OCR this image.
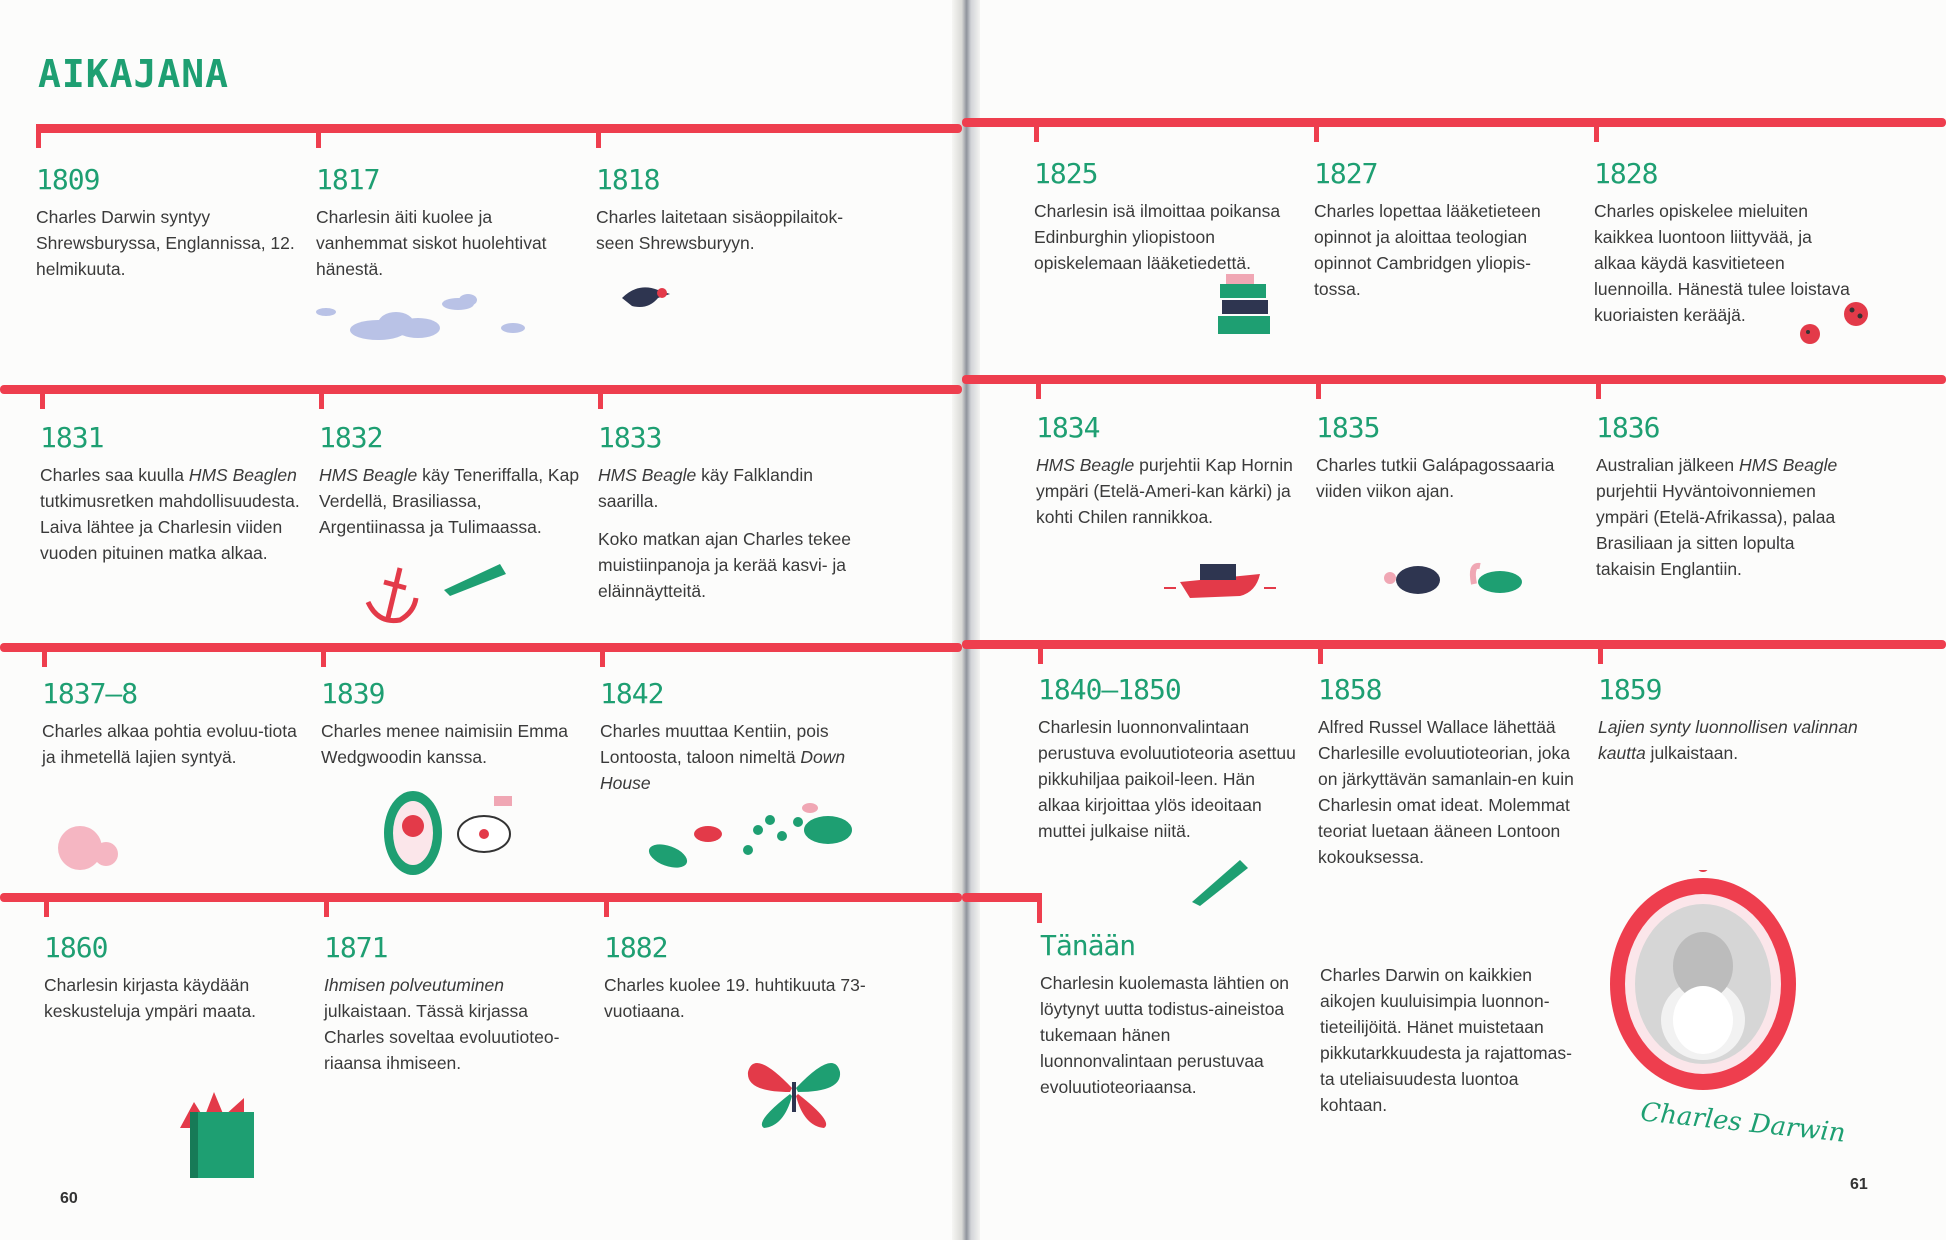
AIKAJANA
1809
Charles Darwin syntyy Shrewsburyssa, Englannissa, 12. helmikuuta.
1817
Charlesin äiti kuolee ja vanhemmat siskot huolehtivat hänestä.
1818
Charles laitetaan sisäoppilaitok-seen Shrewsburyyn.
1825
Charlesin isä ilmoittaa poikansa Edinburghin yliopistoon opiskelemaan lääketiedettä.
1827
Charles lopettaa lääketieteen opinnot ja aloittaa teologian opinnot Cambridgen yliopis-tossa.
1828
Charles opiskelee mieluiten kaikkea luontoon liittyvää, ja alkaa käydä kasvitieteen luennoilla. Hänestä tulee loistava kuoriaisten kerääjä.
1831
Charles saa kuulla HMS Beaglen tutkimusretken mahdollisuudesta. Laiva lähtee ja Charlesin viiden vuoden pituinen matka alkaa.
1832
HMS Beagle käy Teneriffalla, Kap Verdellä, Brasiliassa, Argentiinassa ja Tulimaassa.
1833
HMS Beagle käy Falklandin saarilla.
Koko matkan ajan Charles tekee muistiinpanoja ja kerää kasvi- ja eläinnäytteitä.
1834
HMS Beagle purjehtii Kap Hornin ympäri (Etelä-Ameri-kan kärki) ja kohti Chilen rannikkoa.
1835
Charles tutkii Galápagossaaria viiden viikon ajan.
1836
Australian jälkeen HMS Beagle purjehtii Hyväntoivonniemen ympäri (Etelä-Afrikassa), palaa Brasiliaan ja sitten lopulta takaisin Englantiin.
1837–8
Charles alkaa pohtia evoluu-tiota ja ihmetellä lajien syntyä.
1839
Charles menee naimisiin Emma Wedgwoodin kanssa.
1842
Charles muuttaa Kentiin, pois Lontoosta, taloon nimeltä Down House
1840–1850
Charlesin luonnonvalintaan perustuva evoluutioteoria asettuu pikkuhiljaa paikoil-leen. Hän alkaa kirjoittaa ylös ideoitaan muttei julkaise niitä.
1858
Alfred Russel Wallace lähettää Charlesille evoluutioteorian, joka on järkyttävän samanlain-en kuin Charlesin omat ideat. Molemmat teoriat luetaan ääneen Lontoon kokouksessa.
1859
Lajien synty luonnollisen valinnan kautta julkaistaan.
1860
Charlesin kirjasta käydään keskusteluja ympäri maata.
1871
Ihmisen polveutuminen julkaistaan. Tässä kirjassa Charles soveltaa evoluutioteo-riaansa ihmiseen.
1882
Charles kuolee 19. huhtikuuta 73-vuotiaana.
Tänään
Charlesin kuolemasta lähtien on löytynyt uutta todistus-aineistoa tukemaan hänen luonnonvalintaan perustuvaa evoluutioteoriaansa.
Charles Darwin on kaikkien aikojen kuuluisimpia luonnon-tieteilijöitä. Hänet muistetaan pikkutarkkuudesta ja rajattomas-ta uteliaisuudesta luontoa kohtaan.
60
61
Charles Darwin
